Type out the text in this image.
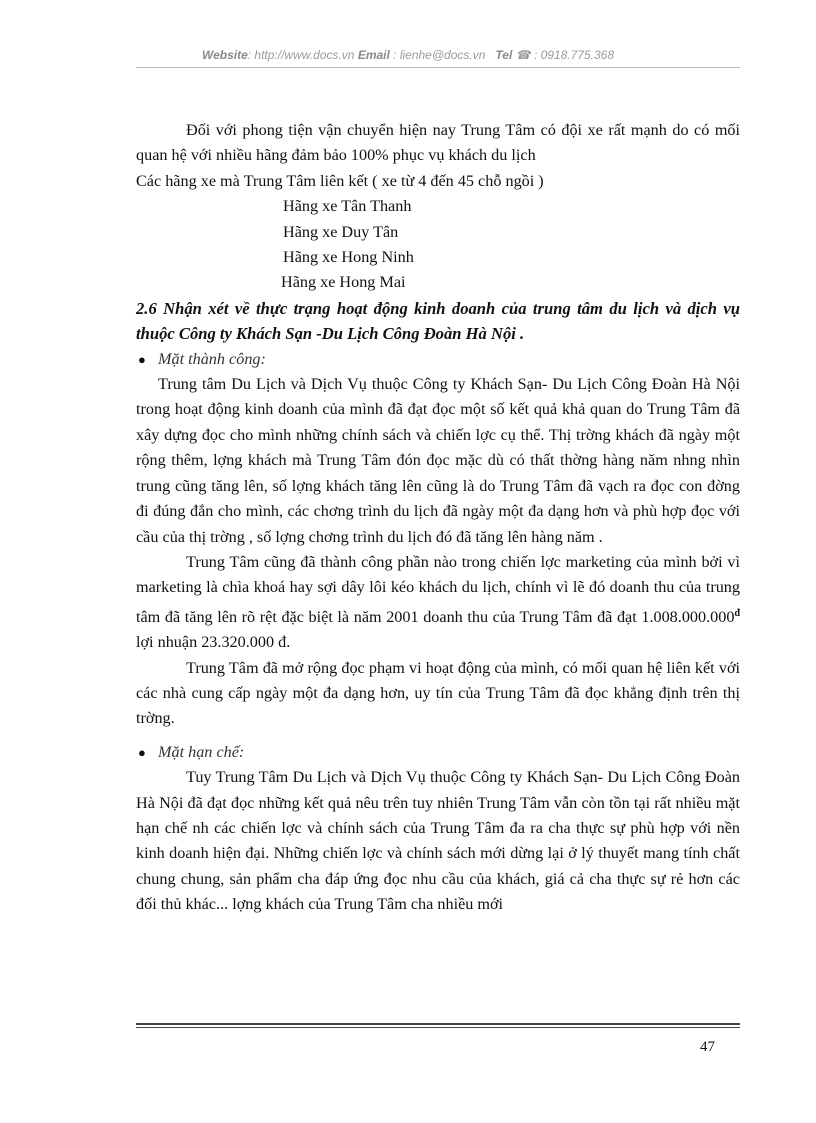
Website: http://www.docs.vn Email : lienhe@docs.vn Tel ☎ : 0918.775.368

Đối với phong tiện vận chuyển hiện nay Trung Tâm có đội xe rất mạnh do có mối quan hệ với nhiều hãng đảm bảo 100% phục vụ khách du lịch

Các hãng xe mà Trung Tâm liên kết ( xe từ 4 đến 45 chỗ ngồi )

Hãng xe Tân Thanh

Hãng xe Duy Tân

Hãng xe Hong Ninh

Hãng xe Hong Mai

2.6 Nhận xét về thực trạng hoạt động kinh doanh của trung tâm du lịch và dịch vụ thuộc Công ty Khách Sạn -Du Lịch Công Đoàn Hà Nội .

● Mặt thành công:

Trung tâm Du Lịch và Dịch Vụ thuộc Công ty Khách Sạn- Du Lịch Công Đoàn Hà Nội trong hoạt động kinh doanh của mình đã đạt đọc một số kết quả khả quan do Trung Tâm đã xây dựng đọc cho mình những chính sách và chiến lợc cụ thể. Thị trờng khách đã ngày một rộng thêm, lợng khách mà Trung Tâm đón đọc mặc dù có thất thờng hàng năm nhng nhìn trung cũng tăng lên, số lợng khách tăng lên cũng là do Trung Tâm đã vạch ra đọc con đờng đi đúng đắn cho mình, các chơng trình du lịch đã ngày một đa dạng hơn và phù hợp đọc với cầu của thị trờng , số lợng chơng trình du lịch đó đã tăng lên hàng năm .

Trung Tâm cũng đã thành công phần nào trong chiến lợc marketing của mình bởi vì marketing là chìa khoá hay sợi dây lôi kéo khách du lịch, chính vì lẽ đó doanh thu của trung tâm đã tăng lên rõ rệt đặc biệt là năm 2001 doanh thu của Trung Tâm đã đạt $1.008.000.000^đ$ lợi nhuận 23.320.000 đ.

Trung Tâm đã mở rộng đọc phạm vi hoạt động của mình, có mối quan hệ liên kết với các nhà cung cấp ngày một đa dạng hơn, uy tín của Trung Tâm đã đọc khẳng định trên thị trờng.

● Mặt hạn chế:

Tuy Trung Tâm Du Lịch và Dịch Vụ thuộc Công ty Khách Sạn- Du Lịch Công Đoàn Hà Nội đã đạt đọc những kết quả nêu trên tuy nhiên Trung Tâm vẫn còn tồn tại rất nhiều mặt hạn chế nh các chiến lợc và chính sách của Trung Tâm đa ra cha thực sự phù hợp với nền kinh doanh hiện đại. Những chiến lợc và chính sách mới dừng lại ở lý thuyết mang tính chất chung chung, sản phẩm cha đáp ứng đọc nhu cầu của khách, giá cả cha thực sự rẻ hơn các đối thủ khác... lợng khách của Trung Tâm cha nhiều mới

47
